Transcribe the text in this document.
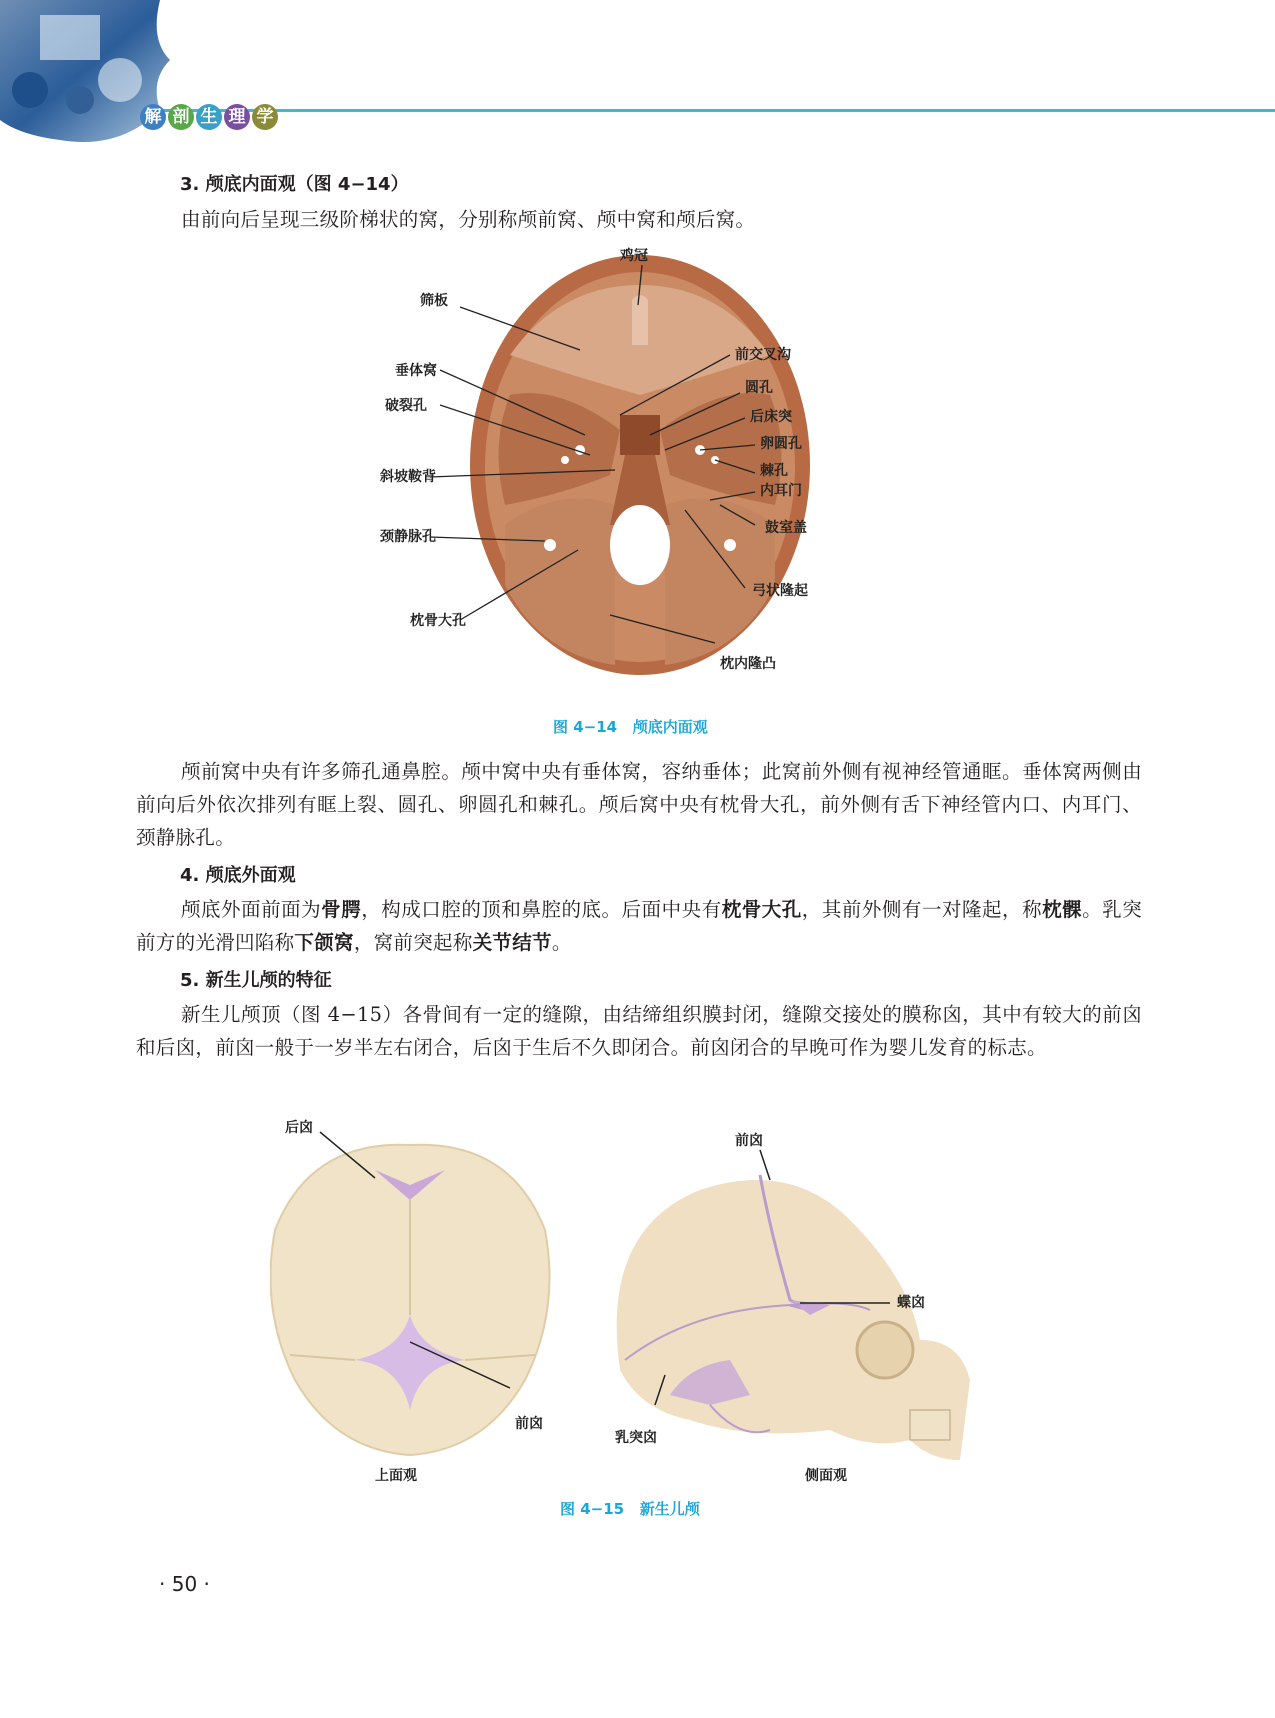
解 剖 生 理 学
3. 颅底内面观（图 4−14）
由前向后呈现三级阶梯状的窝，分别称颅前窝、颅中窝和颅后窝。
鸡冠
筛板
前交叉沟
垂体窝
圆孔
破裂孔
后床突
卵圆孔
斜坡鞍背	棘孔
内耳门
鼓室盖
颈静脉孔
弓状隆起
枕骨大孔
枕内隆凸
图 4−14 颅底内面观
颅前窝中央有许多筛孔通鼻腔。颅中窝中央有垂体窝，容纳垂体；此窝前外侧有视神经管通眶。垂体窝两侧由前向后外依次排列有眶上裂、圆孔、卵圆孔和棘孔。颅后窝中央有枕骨大孔，前外侧有舌下神经管内口、内耳门、颈静脉孔。
4. 颅底外面观
颅底外面前面为骨腭，构成口腔的顶和鼻腔的底。后面中央有枕骨大孔，其前外侧有一对隆起，称枕髁。乳突前方的光滑凹陷称下颌窝，窝前突起称关节结节。
5. 新生儿颅的特征
新生儿颅顶（图 4−15）各骨间有一定的缝隙，由结缔组织膜封闭，缝隙交接处的膜称囟，其中有较大的前囟和后囟，前囟一般于一岁半左右闭合，后囟于生后不久即闭合。前囟闭合的早晚可作为婴儿发育的标志。
后囟
前囟
上面观
前囟
蝶囟
乳突囟
侧面观
图 4−15 新生儿颅
· 50 ·
